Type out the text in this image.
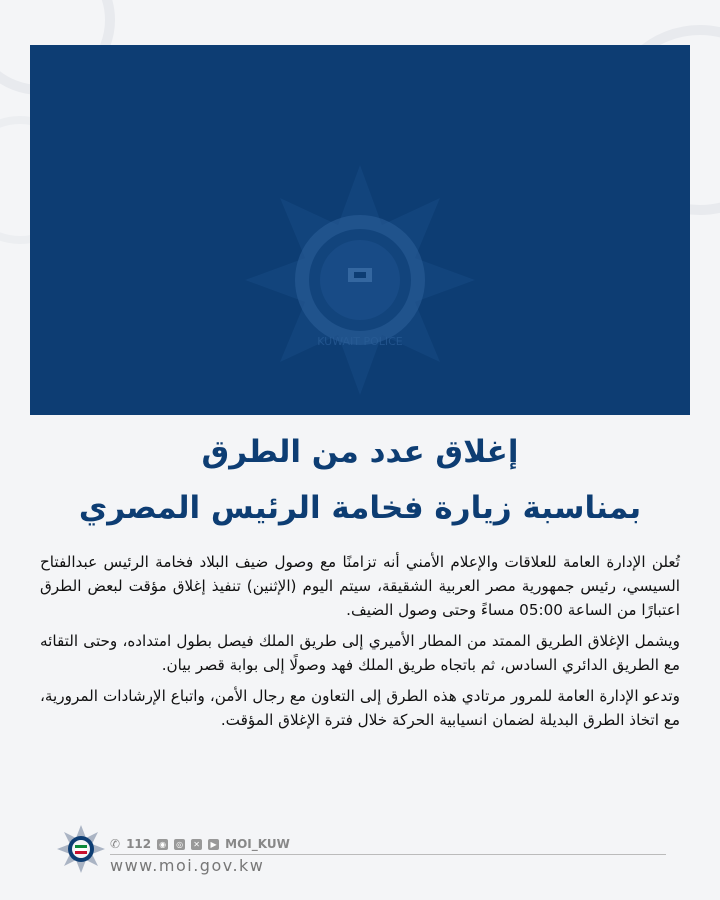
KUWAIT POLICE
إغلاق عدد من الطرق
بمناسبة زيارة فخامة الرئيس المصري

تُعلن الإدارة العامة للعلاقات والإعلام الأمني أنه تزامنًا مع وصول ضيف البلاد فخامة الرئيس عبدالفتاح السيسي، رئيس جمهورية مصر العربية الشقيقة، سيتم اليوم (الإثنين) تنفيذ إغلاق مؤقت لبعض الطرق اعتبارًا من الساعة 05:00 مساءً وحتى وصول الضيف.

ويشمل الإغلاق الطريق الممتد من المطار الأميري إلى طريق الملك فيصل بطول امتداده، وحتى التقائه مع الطريق الدائري السادس، ثم باتجاه طريق الملك فهد وصولًا إلى بوابة قصر بيان.

وتدعو الإدارة العامة للمرور مرتادي هذه الطرق إلى التعاون مع رجال الأمن، واتباع الإرشادات المرورية، مع اتخاذ الطرق البديلة لضمان انسيابية الحركة خلال فترة الإغلاق المؤقت.

✆ 112 ◉ ◎ ✕	▶ MOI_KUW
www.moi.gov.kw
